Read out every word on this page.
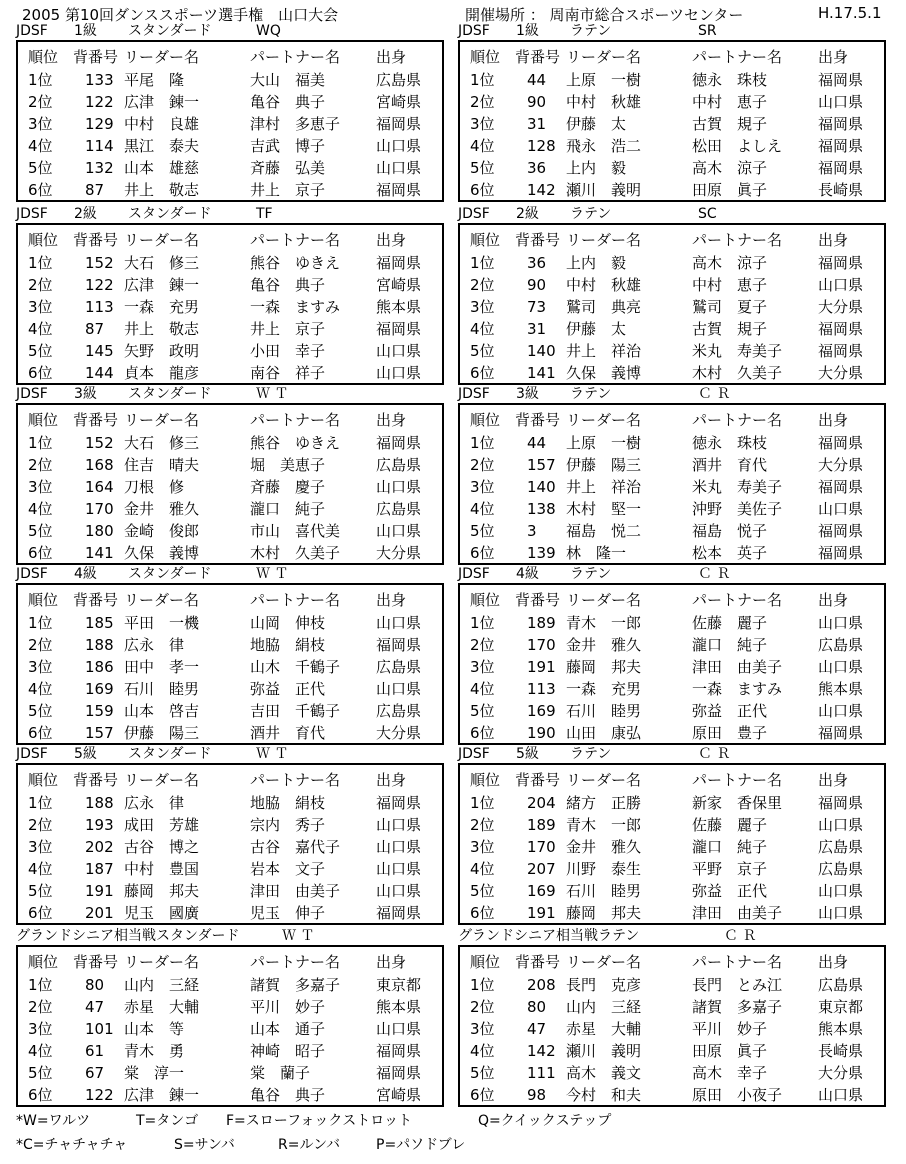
2005 第10回ダンススポーツ選手権　山口大会	開催場所 ： 周南市総合スポーツセンター	H.17.5.1
JDSF 1級 スタンダード	WQ
順位 背番号 リーダー名	パートナー名 出身
1位 133 平尾　隆	大山　福美	広島県
2位 122 広津　錬一	亀谷　典子	宮崎県
3位 129 中村　良雄	津村　多恵子 福岡県
4位 114 黒江　泰夫	吉武　博子	山口県
5位 132 山本　雄慈	斉藤　弘美	山口県
6位 87 井上　敬志	井上　京子	福岡県
JDSF 1級 ラテン	SR
順位 背番号 リーダー名	パートナー名 出身
1位 44 上原　一樹	徳永　珠枝	福岡県
2位 90 中村　秋雄	中村　恵子	山口県
3位 31 伊藤　太	古賀　規子	福岡県
4位 128 飛永　浩二	松田　よしえ 福岡県
5位 36 上内　毅	高木　涼子	福岡県
6位 142 瀬川　義明	田原　眞子	長崎県
JDSF 2級 スタンダード	TF
順位 背番号 リーダー名	パートナー名 出身
1位 152 大石　修三	熊谷　ゆきえ 福岡県
2位 122 広津　錬一	亀谷　典子	宮崎県
3位 113 一森　充男	一森　ますみ 熊本県
4位 87 井上　敬志	井上　京子	福岡県
5位 145 矢野　政明	小田　幸子	山口県
6位 144 貞本　龍彦	南谷　祥子	山口県
JDSF 2級 ラテン	SC
順位 背番号 リーダー名	パートナー名 出身
1位 36 上内　毅	高木　涼子	福岡県
2位 90 中村　秋雄	中村　恵子	山口県
3位 73 鷲司　典亮	鷲司　夏子	大分県
4位 31 伊藤　太	古賀　規子	福岡県
5位 140 井上　祥治	米丸　寿美子 福岡県
6位 141 久保　義博	木村　久美子 大分県
JDSF 3級 スタンダード	Ｗ Ｔ
順位 背番号 リーダー名	パートナー名 出身
1位 152 大石　修三	熊谷　ゆきえ 福岡県
2位 168 住吉　晴夫	堀　美恵子	広島県
3位 164 刀根　修	斉藤　慶子	山口県
4位 170 金井　雅久	瀧口　純子	広島県
5位 180 金崎　俊郎	市山　喜代美 山口県
6位 141 久保　義博	木村　久美子 大分県
JDSF 3級 ラテン	Ｃ Ｒ
順位 背番号 リーダー名	パートナー名 出身
1位 44 上原　一樹	徳永　珠枝	福岡県
2位 157 伊藤　陽三	酒井　育代	大分県
3位 140 井上　祥治	米丸　寿美子 福岡県
4位 138 木村　堅一	沖野　美佐子 山口県
5位 3 福島　悦二	福島　悦子	福岡県
6位 139 林　隆一	松本　英子	福岡県
JDSF 4級 スタンダード	Ｗ Ｔ
順位 背番号 リーダー名	パートナー名 出身
1位 185 平田　一機	山岡　伸枝	山口県
2位 188 広永　律	地脇　絹枝	福岡県
3位 186 田中　孝一	山木　千鶴子 広島県
4位 169 石川　睦男	弥益　正代	山口県
5位 159 山本　啓吉	吉田　千鶴子 広島県
6位 157 伊藤　陽三	酒井　育代	大分県
JDSF 4級 ラテン	Ｃ Ｒ
順位 背番号 リーダー名	パートナー名 出身
1位 189 青木　一郎	佐藤　麗子	山口県
2位 170 金井　雅久	瀧口　純子	広島県
3位 191 藤岡　邦夫	津田　由美子 山口県
4位 113 一森　充男	一森　ますみ 熊本県
5位 169 石川　睦男	弥益　正代	山口県
6位 190 山田　康弘	原田　豊子	福岡県
JDSF 5級 スタンダード	Ｗ Ｔ
順位 背番号 リーダー名	パートナー名 出身
1位 188 広永　律	地脇　絹枝	福岡県
2位 193 成田　芳雄	宗内　秀子	山口県
3位 202 古谷　博之	古谷　嘉代子 山口県
4位 187 中村　豊国	岩本　文子	山口県
5位 191 藤岡　邦夫	津田　由美子 山口県
6位 201 児玉　國廣	児玉　伸子	福岡県
JDSF 5級 ラテン	Ｃ Ｒ
順位 背番号 リーダー名	パートナー名 出身
1位 204 緒方　正勝	新家　香保里 福岡県
2位 189 青木　一郎	佐藤　麗子	山口県
3位 170 金井　雅久	瀧口　純子	広島県
4位 207 川野　泰生	平野　京子	広島県
5位 169 石川　睦男	弥益　正代	山口県
6位 191 藤岡　邦夫	津田　由美子 山口県
グランドシニア相当戦 スタンダード	Ｗ Ｔ
順位 背番号 リーダー名	パートナー名 出身
1位 80 山内　三経	諸賀　多嘉子 東京都
2位 47 赤星　大輔	平川　妙子	熊本県
3位 101 山本　等	山本　通子	山口県
4位 61 青木　勇	神崎　昭子	福岡県
5位 67 棠　淳一	棠　蘭子	福岡県
6位 122 広津　錬一	亀谷　典子	宮崎県
グランドシニア相当戦 ラテン	Ｃ Ｒ
順位 背番号 リーダー名	パートナー名 出身
1位 208 長門　克彦	長門　とみ江 広島県
2位 80 山内　三経	諸賀　多嘉子 東京都
3位 47 赤星　大輔	平川　妙子	熊本県
4位 142 瀬川　義明	田原　眞子	長崎県
5位 111 高木　義文	高木　幸子	大分県
6位 98 今村　和夫	原田　小夜子 山口県
*W=ワルツ	T=タンゴ F=スローフォックストロット	Q=クイックステップ
*C=チャチャチャ	S=サンバ	R=ルンバ	P=パソドブレ
